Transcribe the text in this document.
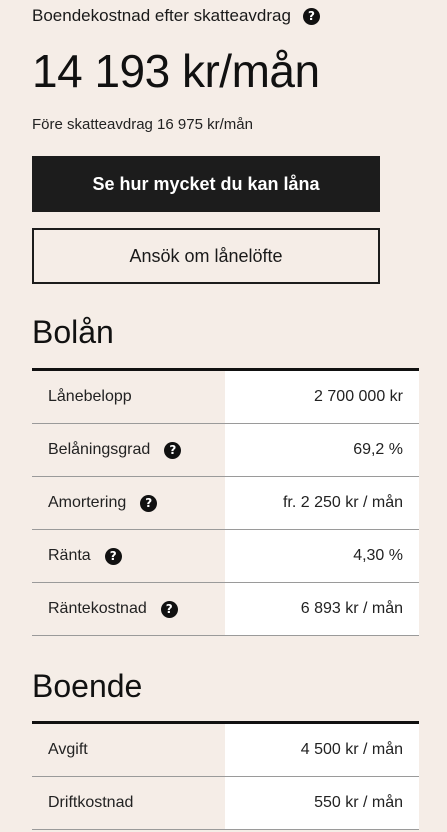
Boendekostnad efter skatteavdrag	?
14 193 kr/mån
Före skatteavdrag 16 975 kr/mån
Se hur mycket du kan låna
Ansök om lånelöfte
Bolån
Lånebelopp	2 700 000 kr
Belåningsgrad	?	69,2 %
Amortering	?	fr. 2 250 kr / mån
Ränta	?	4,30 %
Räntekostnad	?	6 893 kr / mån
Boende
Avgift	4 500 kr / mån
Driftkostnad	550 kr / mån
